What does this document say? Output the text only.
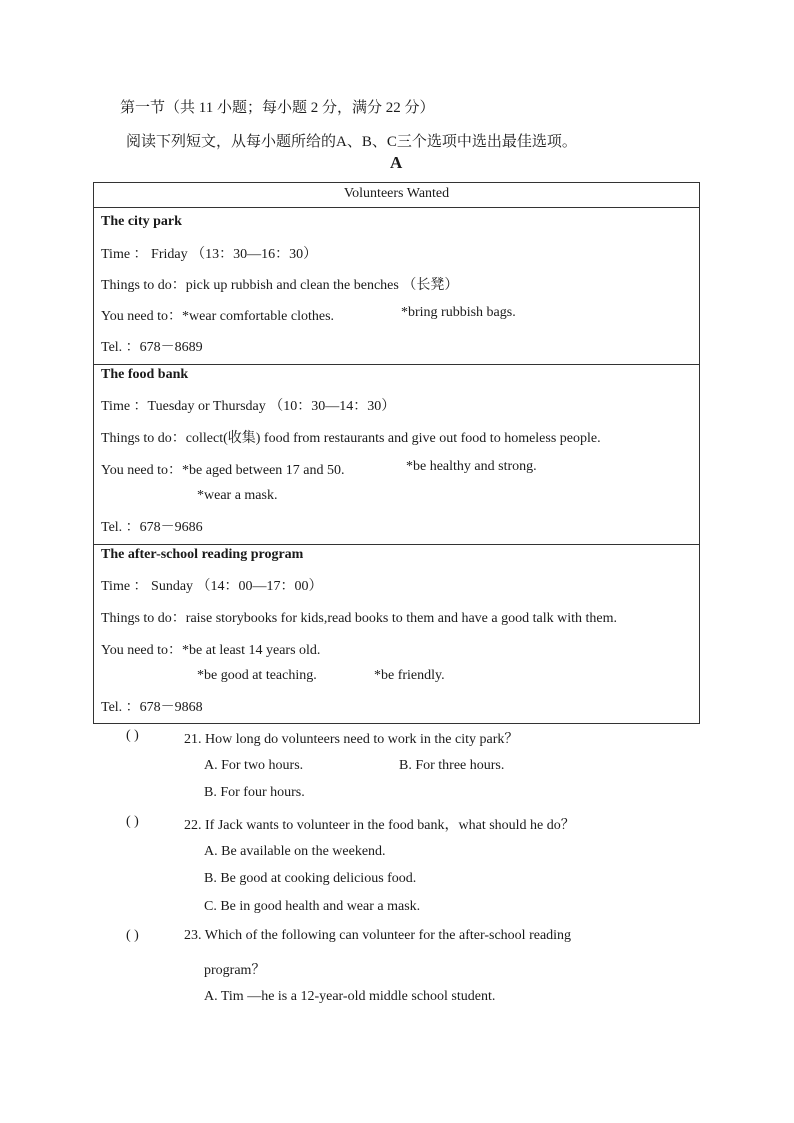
第一节（共 11 小题；每小题 2 分，满分 22 分）
阅读下列短文，从每小题所给的A、B、C三个选项中选出最佳选项。
A
Volunteers Wanted
The city park
Time ： Friday （13：30—16：30）
Things to do：pick up rubbish and clean the benches （长凳）
You need to：*wear comfortable clothes.	*bring rubbish bags.
Tel. ：678－8689
The food bank
Time ：Tuesday or Thursday （10：30—14：30）
Things to do：collect(收集) food from restaurants and give out food to homeless people.
You need to：*be aged between 17 and 50.	*be healthy and strong.
*wear a mask.
Tel. ：678－9686
The after-school reading program
Time ： Sunday （14：00—17：00）
Things to do：raise storybooks for kids,read books to them and have a good talk with them.
You need to：*be at least 14 years old.
*be good at teaching.	*be friendly.
Tel. ：678－9868
( )	21. How long do volunteers need to work in the city park？
A. For two hours.	B. For three hours.
B. For four hours.
( )	22. If Jack wants to volunteer in the food bank，what should he do？
A. Be available on the weekend.
B. Be good at cooking delicious food.
C. Be in good health and wear a mask.
( )	23. Which of the following can volunteer for the after-school reading
program？
A. Tim —he is a 12-year-old middle school student.
